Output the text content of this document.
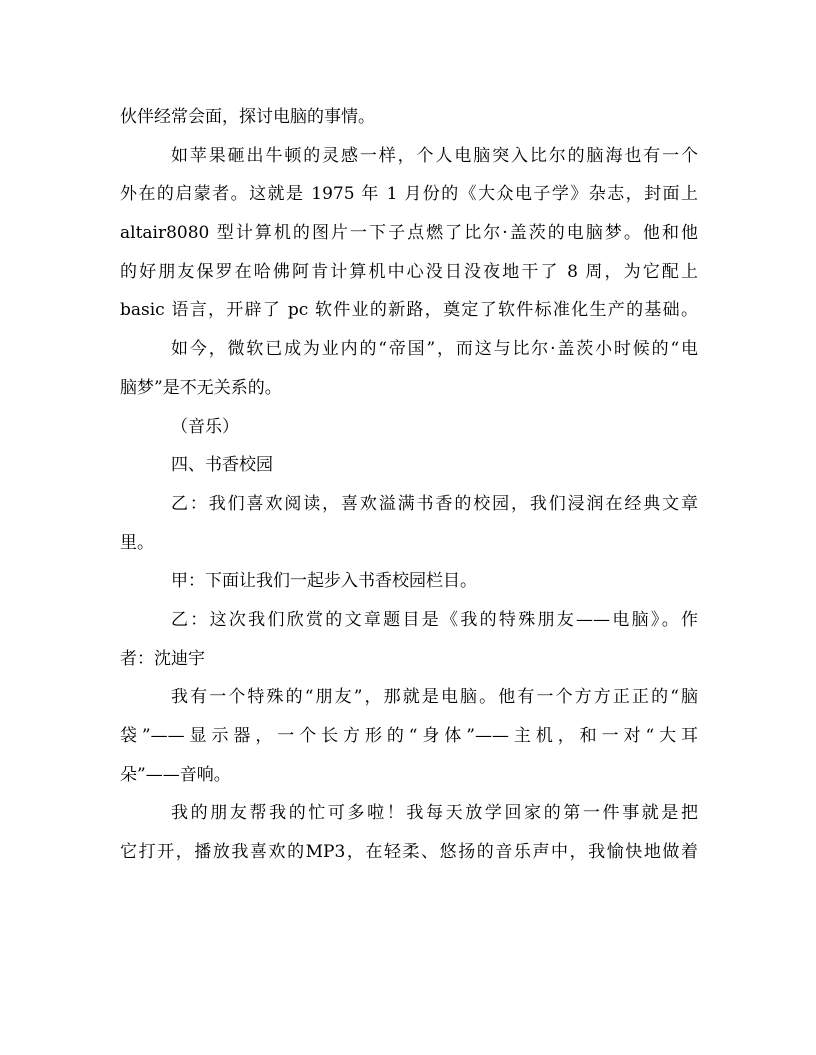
伙伴经常会面，探讨电脑的事情。
如苹果砸出牛顿的灵感一样，个人电脑突入比尔的脑海也有一个
外在的启蒙者。这就是 1975 年 1 月份的《大众电子学》杂志，封面上
altair8080 型计算机的图片一下子点燃了比尔·盖茨的电脑梦。他和他
的好朋友保罗在哈佛阿肯计算机中心没日没夜地干了 8 周，为它配上
basic 语言，开辟了 pc 软件业的新路，奠定了软件标准化生产的基础。
如今，微软已成为业内的“帝国”，而这与比尔·盖茨小时候的“电
脑梦”是不无关系的。
（音乐）
四、书香校园
乙：我们喜欢阅读，喜欢溢满书香的校园，我们浸润在经典文章
里。
甲：下面让我们一起步入书香校园栏目。
乙：这次我们欣赏的文章题目是《我的特殊朋友——电脑》。作
者：沈迪宇
我有一个特殊的“朋友”，那就是电脑。他有一个方方正正的“脑
袋”——显示器，一个长方形的“身体”——主机，和一对“大耳
朵”——音响。
我的朋友帮我的忙可多啦！我每天放学回家的第一件事就是把
它打开，播放我喜欢的MP3，在轻柔、悠扬的音乐声中，我愉快地做着
